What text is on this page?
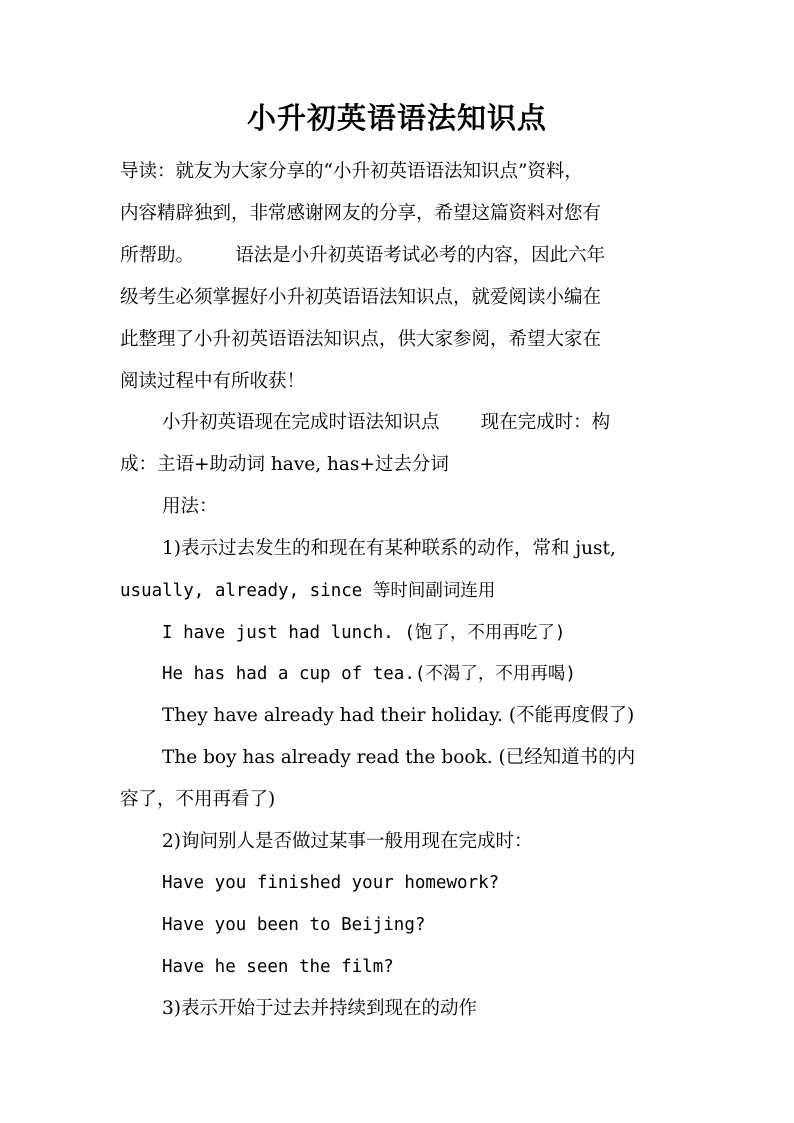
小升初英语语法知识点
导读：就友为大家分享的“小升初英语语法知识点”资料，
内容精辟独到，非常感谢网友的分享，希望这篇资料对您有
所帮助。       语法是小升初英语考试必考的内容，因此六年
级考生必须掌握好小升初英语语法知识点，就爱阅读小编在
此整理了小升初英语语法知识点，供大家参阅，希望大家在
阅读过程中有所收获！
小升初英语现在完成时语法知识点       现在完成时：构
成：主语+助动词 have, has+过去分词
用法：
1)表示过去发生的和现在有某种联系的动作，常和 just,
usually, already, since 等时间副词连用
I have just had lunch. (饱了，不用再吃了)
He has had a cup of tea.(不渴了，不用再喝)
They have already had their holiday. (不能再度假了)
The boy has already read the book. (已经知道书的内
容了，不用再看了)
2)询问别人是否做过某事一般用现在完成时：
Have you finished your homework?
Have you been to Beijing?
Have he seen the film?
3)表示开始于过去并持续到现在的动作
